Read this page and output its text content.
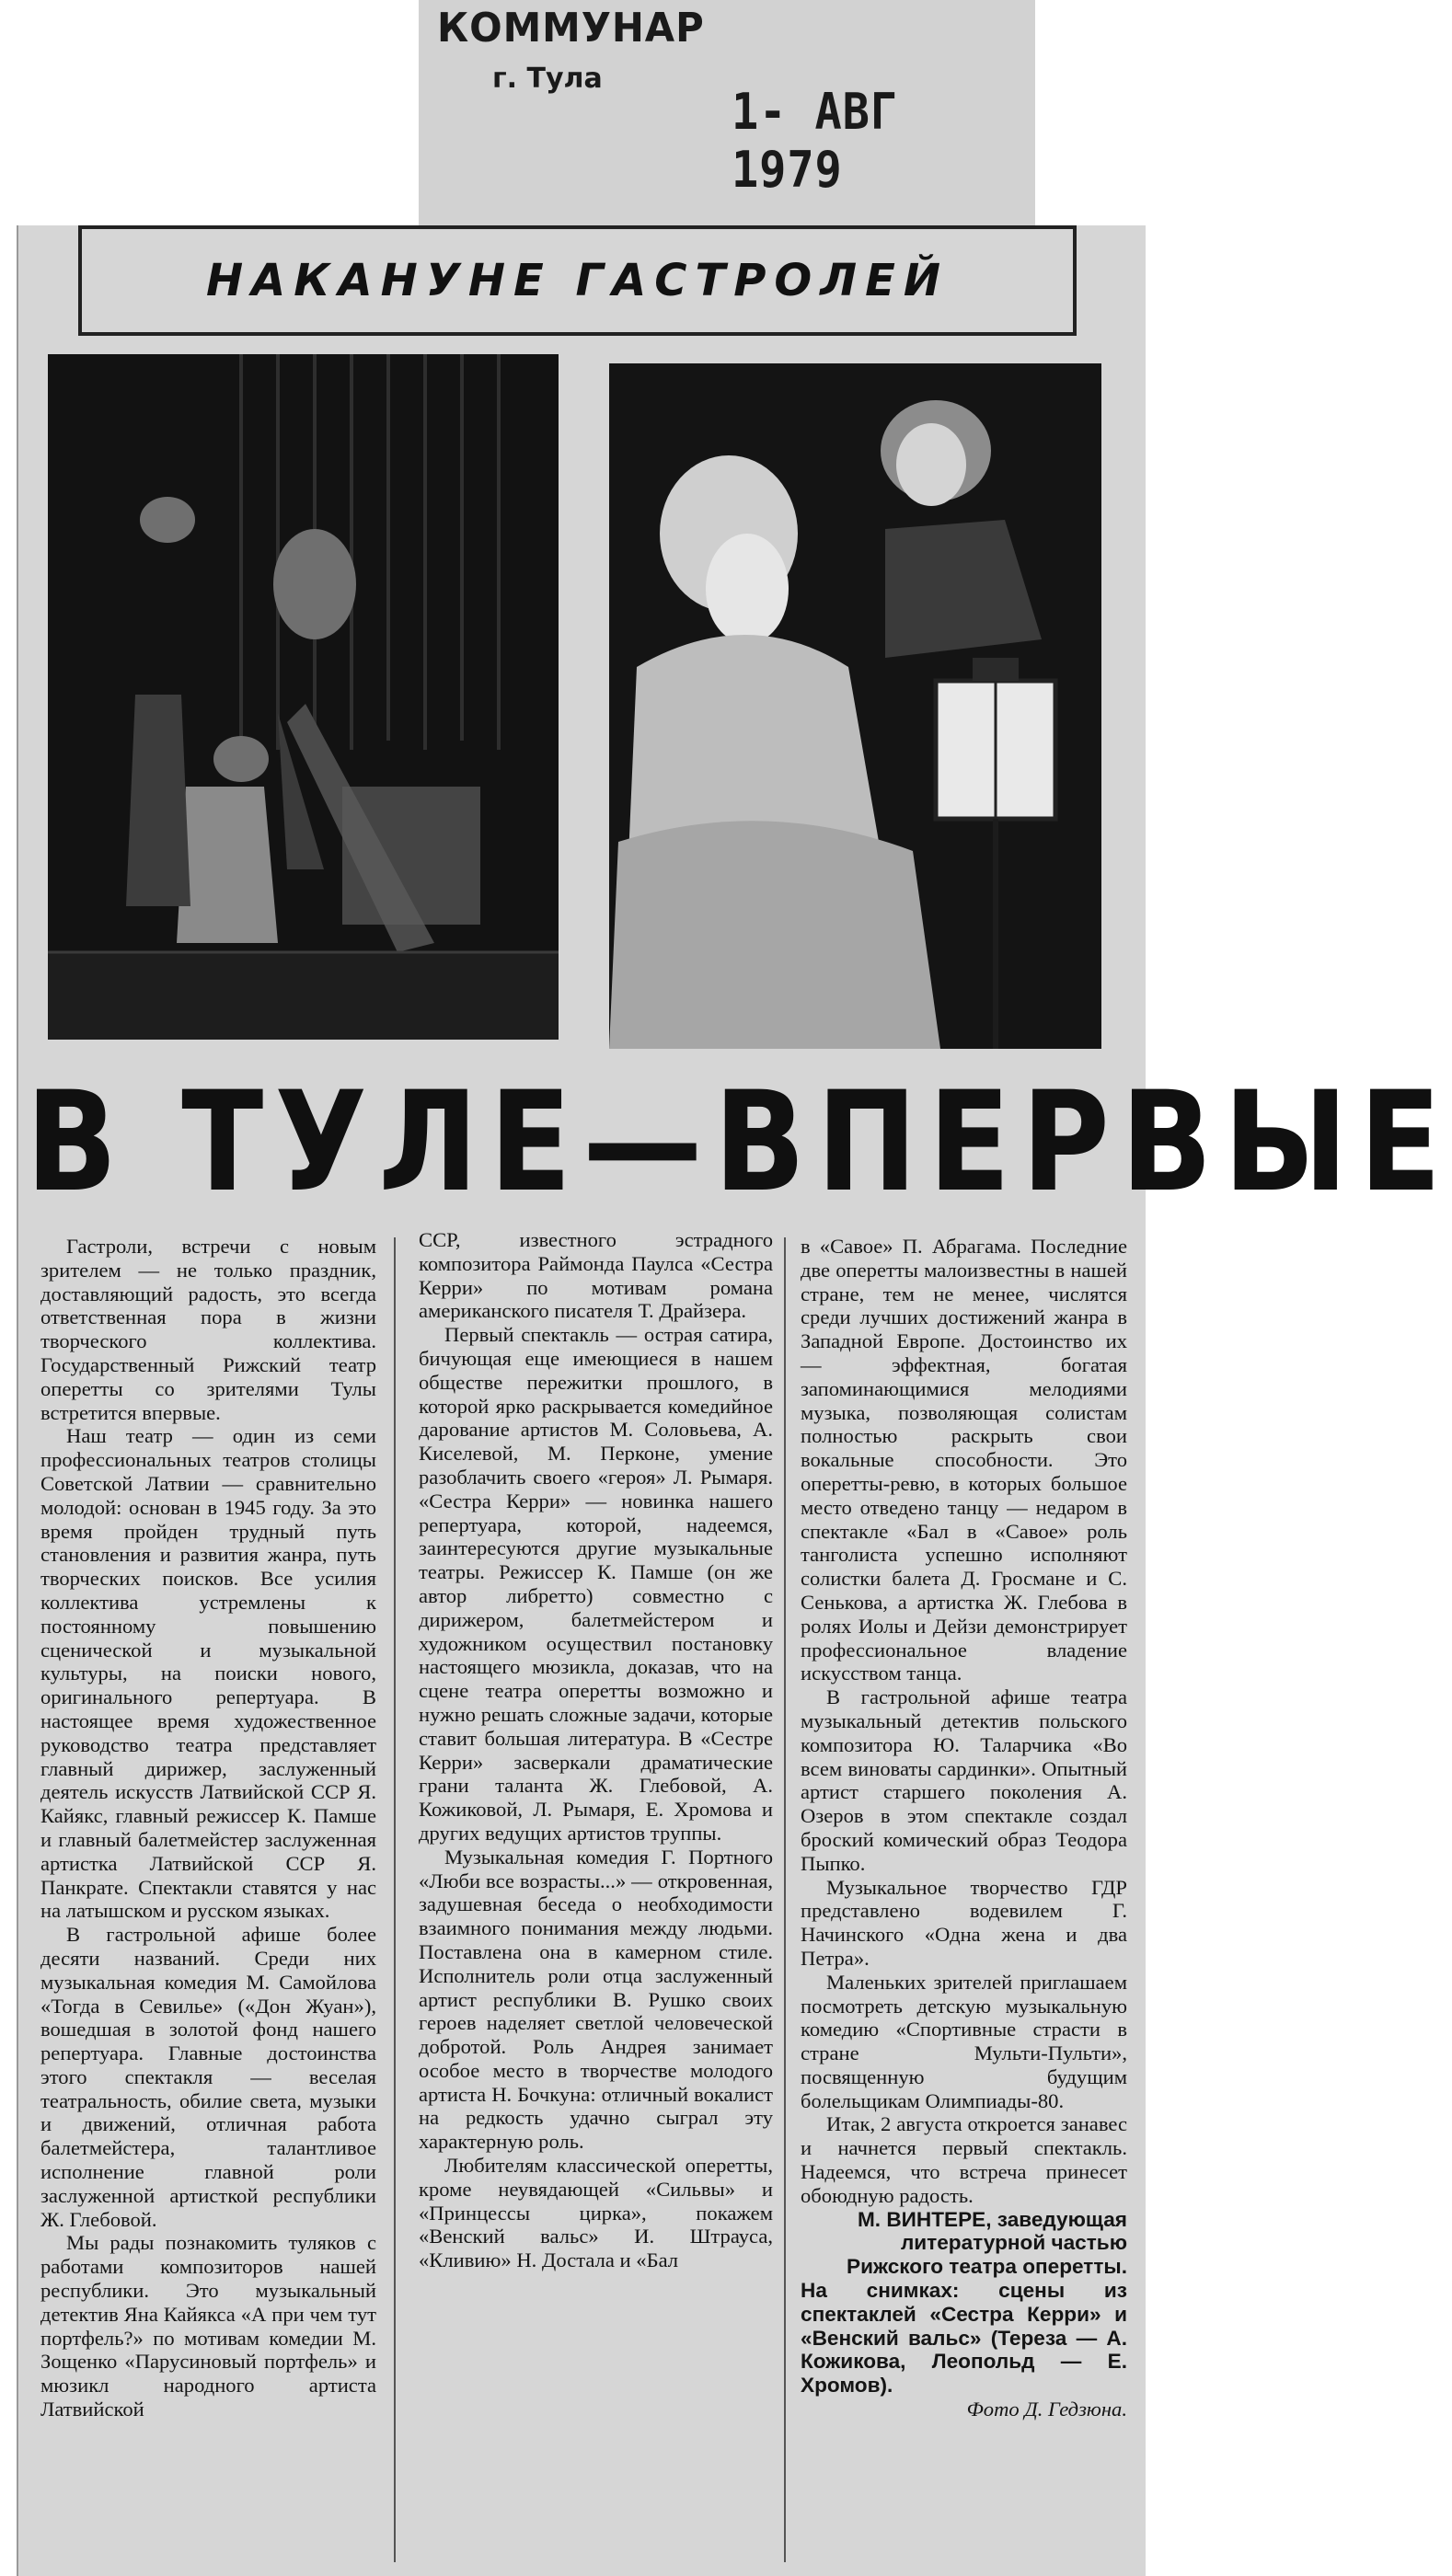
КОММУНАР
г. Тула
1- АВГ 1979
НАКАНУНЕ ГАСТРОЛЕЙ
В ТУЛЕ—ВПЕРВЫЕ

Гастроли, встречи с новым зрителем — не только праздник, доставляющий радость, это всегда ответственная пора в жизни творческого коллектива. Государственный Рижский театр оперетты со зрителями Тулы встретится впервые.

Наш театр — один из семи профессиональных театров столицы Советской Латвии — сравнительно молодой: основан в 1945 году. За это время пройден трудный путь становления и развития жанра, путь творческих поисков. Все усилия коллектива устремлены к постоянному повышению сценической и музыкальной культуры, на поиски нового, оригинального репертуара. В настоящее время художественное руководство театра представляет главный дирижер, заслуженный деятель искусств Латвийской ССР Я. Кайякс, главный режиссер К. Памше и главный балетмейстер заслуженная артистка Латвийской ССР Я. Панкрате. Спектакли ставятся у нас на латышском и русском языках.

В гастрольной афише более десяти названий. Среди них музыкальная комедия М. Самойлова «Тогда в Севилье» («Дон Жуан»), вошедшая в золотой фонд нашего репертуара. Главные достоинства этого спектакля — веселая театральность, обилие света, музыки и движений, отличная работа балетмейстера, талантливое исполнение главной роли заслуженной артисткой республики Ж. Глебовой.

Мы рады познакомить туляков с работами композиторов нашей республики. Это музыкальный детектив Яна Кайякса «А при чем тут портфель?» по мотивам комедии М. Зощенко «Парусиновый портфель» и мюзикл народного артиста Латвийской

ССР, известного эстрадного композитора Раймонда Паулса «Сестра Керри» по мотивам романа американского писателя Т. Драйзера.

Первый спектакль — острая сатира, бичующая еще имеющиеся в нашем обществе пережитки прошлого, в которой ярко раскрывается комедийное дарование артистов М. Соловьева, А. Киселевой, М. Перконе, умение разоблачить своего «героя» Л. Рымаря. «Сестра Керри» — новинка нашего репертуара, которой, надеемся, заинтересуются другие музыкальные театры. Режиссер К. Памше (он же автор либретто) совместно с дирижером, балетмейстером и художником осуществил постановку настоящего мюзикла, доказав, что на сцене театра оперетты возможно и нужно решать сложные задачи, которые ставит большая литература. В «Сестре Керри» засверкали драматические грани таланта Ж. Глебовой, А. Кожиковой, Л. Рымаря, Е. Хромова и других ведущих артистов труппы.

Музыкальная комедия Г. Портного «Люби все возрасты...» — откровенная, задушевная беседа о необходимости взаимного понимания между людьми. Поставлена она в камерном стиле. Исполнитель роли отца заслуженный артист республики В. Рушко своих героев наделяет светлой человеческой добротой. Роль Андрея занимает особое место в творчестве молодого артиста Н. Бочкуна: отличный вокалист на редкость удачно сыграл эту характерную роль.

Любителям классической оперетты, кроме неувядающей «Сильвы» и «Принцессы цирка», покажем «Венский вальс» И. Штрауса, «Кливию» Н. Достала и «Бал

в «Савое» П. Абрагама. Последние две оперетты малоизвестны в нашей стране, тем не менее, числятся среди лучших достижений жанра в Западной Европе. Достоинство их — эффектная, богатая запоминающимися мелодиями музыка, позволяющая солистам полностью раскрыть свои вокальные способности. Это оперетты-ревю, в которых большое место отведено танцу — недаром в спектакле «Бал в «Савое» роль танголиста успешно исполняют солистки балета Д. Гросмане и С. Сенькова, а артистка Ж. Глебова в ролях Иолы и Дейзи демонстрирует профессиональное владение искусством танца.

В гастрольной афише театра музыкальный детектив польского композитора Ю. Таларчика «Во всем виноваты сардинки». Опытный артист старшего поколения А. Озеров в этом спектакле создал броский комический образ Теодора Пыпко.

Музыкальное творчество ГДР представлено водевилем Г. Начинского «Одна жена и два Петра».

Маленьких зрителей приглашаем посмотреть детскую музыкальную комедию «Спортивные страсти в стране Мульти-Пульти», посвященную будущим болельщикам Олимпиады-80.

Итак, 2 августа откроется занавес и начнется первый спектакль. Надеемся, что встреча принесет обоюдную радость.

М. ВИНТЕРЕ, заведующая литературной частью Рижского театра оперетты.

На снимках: сцены из спектаклей «Сестра Керри» и «Венский вальс» (Тереза — А. Кожикова, Леопольд — Е. Хромов).

Фото Д. Гедзюна.
